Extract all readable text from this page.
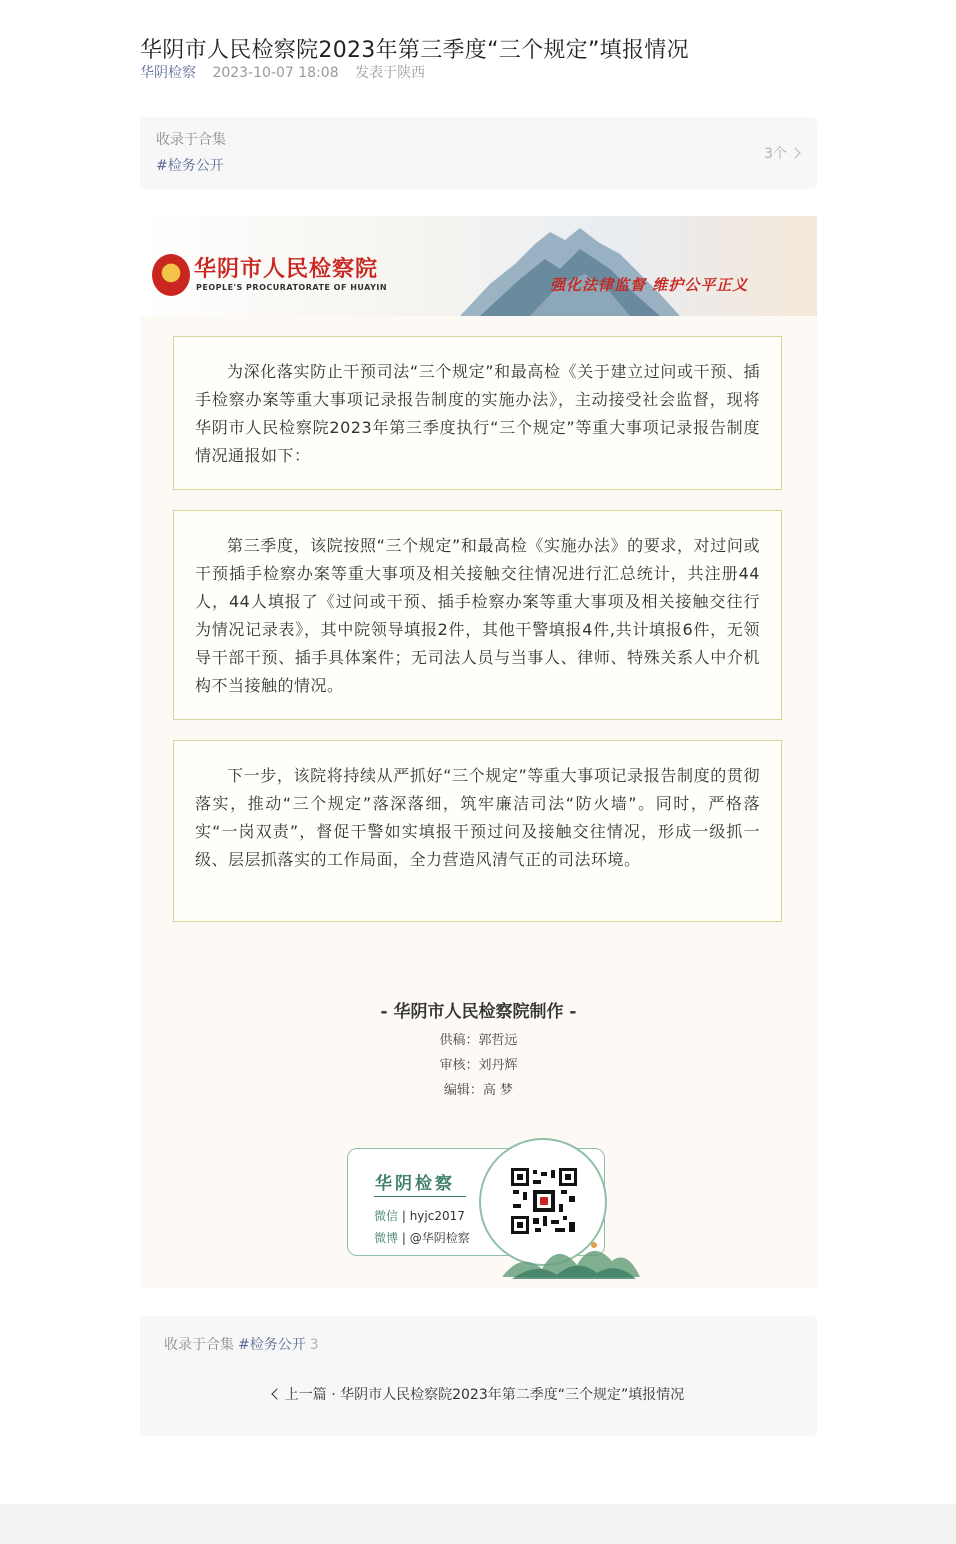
华阴市人民检察院2023年第三季度“三个规定”填报情况
华阴检察 2023-10-07 18:08 发表于陕西
收录于合集
#检务公开
3个
华阴市人民检察院
PEOPLE'S PROCURATORATE OF HUAYIN	强化法律监督 维护公平正义

为深化落实防止干预司法“三个规定”和最高检《关于建立过问或干预、插手检察办案等重大事项记录报告制度的实施办法》，主动接受社会监督，现将华阴市人民检察院2023年第三季度执行“三个规定”等重大事项记录报告制度情况通报如下：

第三季度，该院按照“三个规定”和最高检《实施办法》的要求，对过问或干预插手检察办案等重大事项及相关接触交往情况进行汇总统计，共注册44人，44人填报了《过问或干预、插手检察办案等重大事项及相关接触交往行为情况记录表》，其中院领导填报2件，其他干警填报4件,共计填报6件，无领导干部干预、插手具体案件；无司法人员与当事人、律师、特殊关系人中介机构不当接触的情况。

下一步，该院将持续从严抓好“三个规定”等重大事项记录报告制度的贯彻落实，推动“三个规定”落深落细，筑牢廉洁司法“防火墙”。同时，严格落实“一岗双责”，督促干警如实填报干预过问及接触交往情况，形成一级抓一级、层层抓落实的工作局面，全力营造风清气正的司法环境。

- 华阴市人民检察院制作 -
供稿：郭哲远
审核：刘丹辉
编辑：高 梦
华阴检察
微信 | hyjc2017
微博 | @华阴检察
收录于合集 #检务公开 3
上一篇 · 华阴市人民检察院2023年第二季度“三个规定”填报情况
